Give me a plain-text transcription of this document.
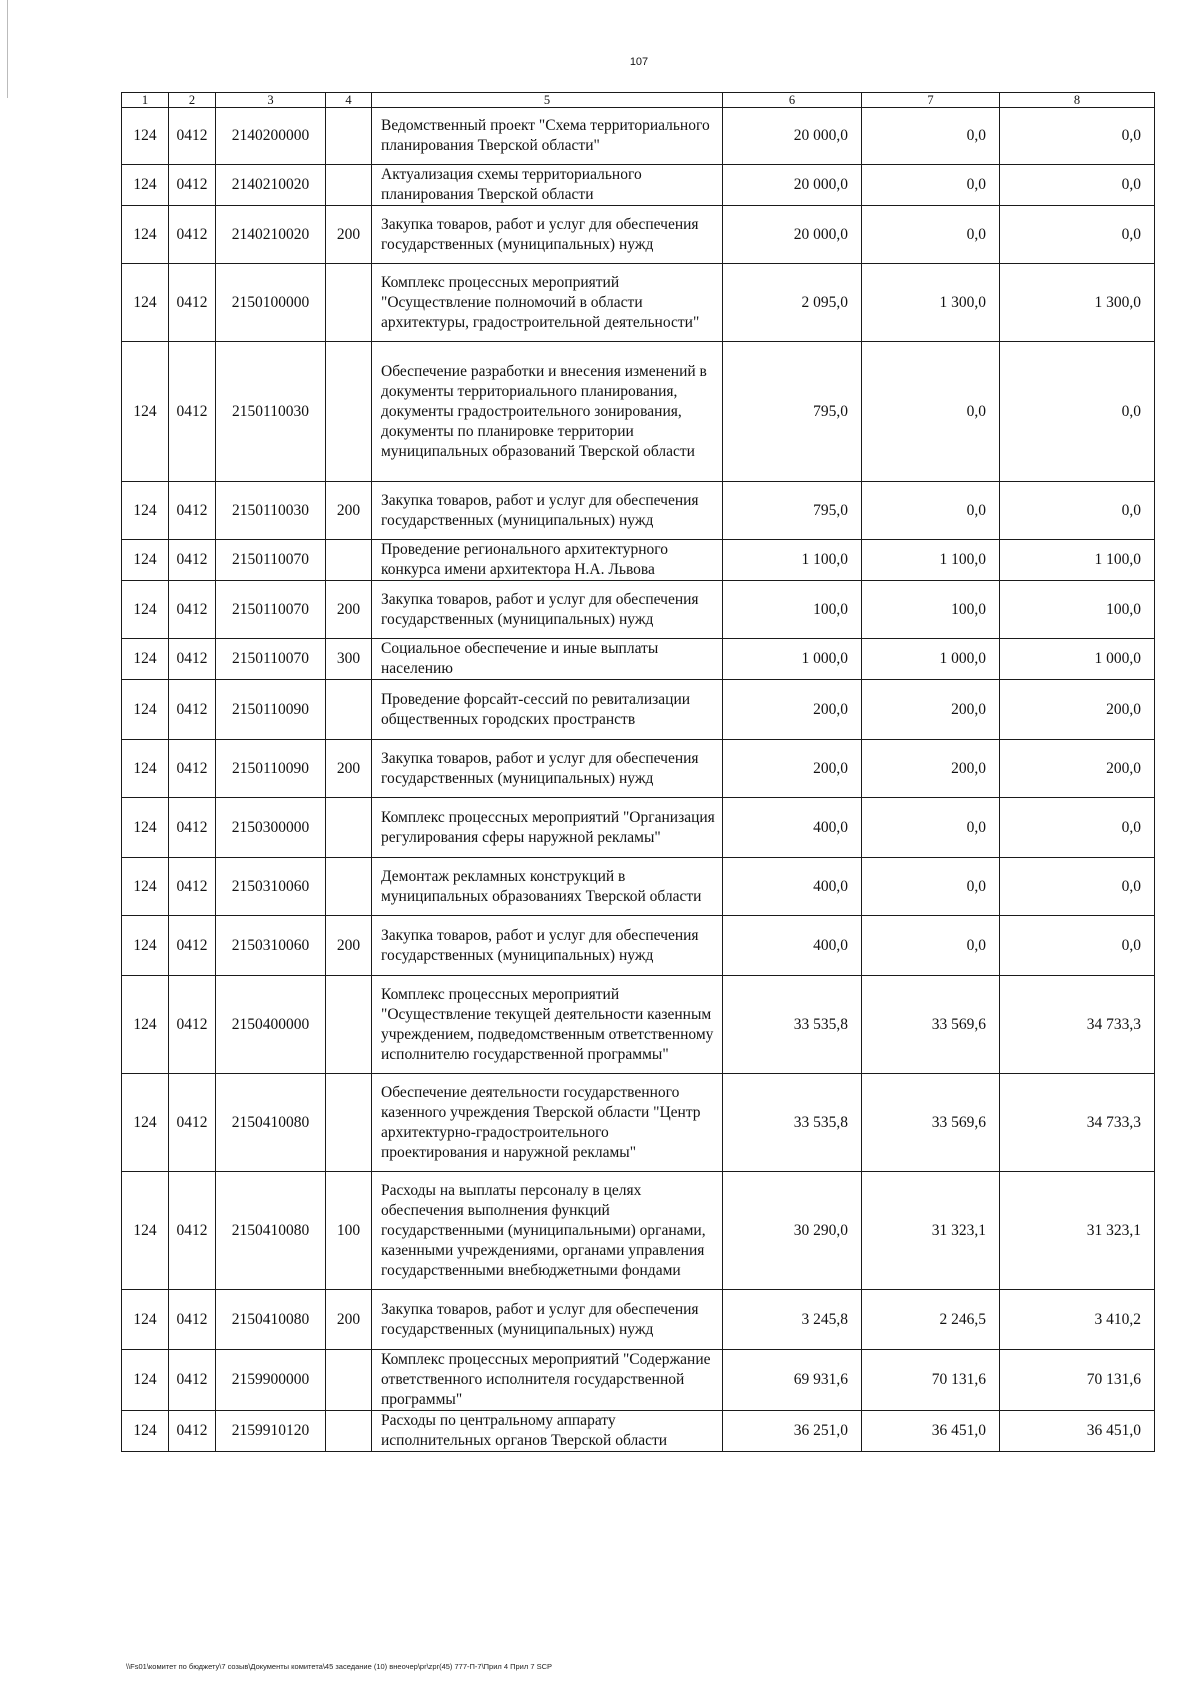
107
1	2	3	4	5	6	7	8
124	0412	2140200000		Ведомственный проект "Схема территориального планирования Тверской области"	20 000,0	0,0	0,0
124	0412	2140210020		Актуализация схемы территориального планирования Тверской области	20 000,0	0,0	0,0
124	0412	2140210020	200	Закупка товаров, работ и услуг для обеспечения государственных (муниципальных) нужд	20 000,0	0,0	0,0
124	0412	2150100000		Комплекс процессных мероприятий "Осуществление полномочий в области архитектуры, градостроительной деятельности"	2 095,0	1 300,0	1 300,0
124	0412	2150110030		Обеспечение разработки и внесения изменений в документы территориального планирования, документы градостроительного зонирования, документы по планировке территории муниципальных образований Тверской области	795,0	0,0	0,0
124	0412	2150110030	200	Закупка товаров, работ и услуг для обеспечения государственных (муниципальных) нужд	795,0	0,0	0,0
124	0412	2150110070		Проведение регионального архитектурного конкурса имени архитектора Н.А. Львова	1 100,0	1 100,0	1 100,0
124	0412	2150110070	200	Закупка товаров, работ и услуг для обеспечения государственных (муниципальных) нужд	100,0	100,0	100,0
124	0412	2150110070	300	Социальное обеспечение и иные выплаты населению	1 000,0	1 000,0	1 000,0
124	0412	2150110090		Проведение форсайт-сессий по ревитализации общественных городских пространств	200,0	200,0	200,0
124	0412	2150110090	200	Закупка товаров, работ и услуг для обеспечения государственных (муниципальных) нужд	200,0	200,0	200,0
124	0412	2150300000		Комплекс процессных мероприятий "Организация регулирования сферы наружной рекламы"	400,0	0,0	0,0
124	0412	2150310060		Демонтаж рекламных конструкций в муниципальных образованиях Тверской области	400,0	0,0	0,0
124	0412	2150310060	200	Закупка товаров, работ и услуг для обеспечения государственных (муниципальных) нужд	400,0	0,0	0,0
124	0412	2150400000		Комплекс процессных мероприятий "Осуществление текущей деятельности казенным учреждением, подведомственным ответственному исполнителю государственной программы"	33 535,8	33 569,6	34 733,3
124	0412	2150410080		Обеспечение деятельности государственного казенного учреждения Тверской области "Центр архитектурно-градостроительного проектирования и наружной рекламы"	33 535,8	33 569,6	34 733,3
124	0412	2150410080	100	Расходы на выплаты персоналу в целях обеспечения выполнения функций государственными (муниципальными) органами, казенными учреждениями, органами управления государственными внебюджетными фондами	30 290,0	31 323,1	31 323,1
124	0412	2150410080	200	Закупка товаров, работ и услуг для обеспечения государственных (муниципальных) нужд	3 245,8	2 246,5	3 410,2
124	0412	2159900000		Комплекс процессных мероприятий "Содержание ответственного исполнителя государственной программы"	69 931,6	70 131,6	70 131,6
124	0412	2159910120		Расходы по центральному аппарату исполнительных органов Тверской области	36 251,0	36 451,0	36 451,0
\\Fs01\комитет по бюджету\7 созыв\Документы комитета\45 заседание (10) внеочер\pr\zpr(45) 777-П-7\Прил 4 Прил 7 SCP
